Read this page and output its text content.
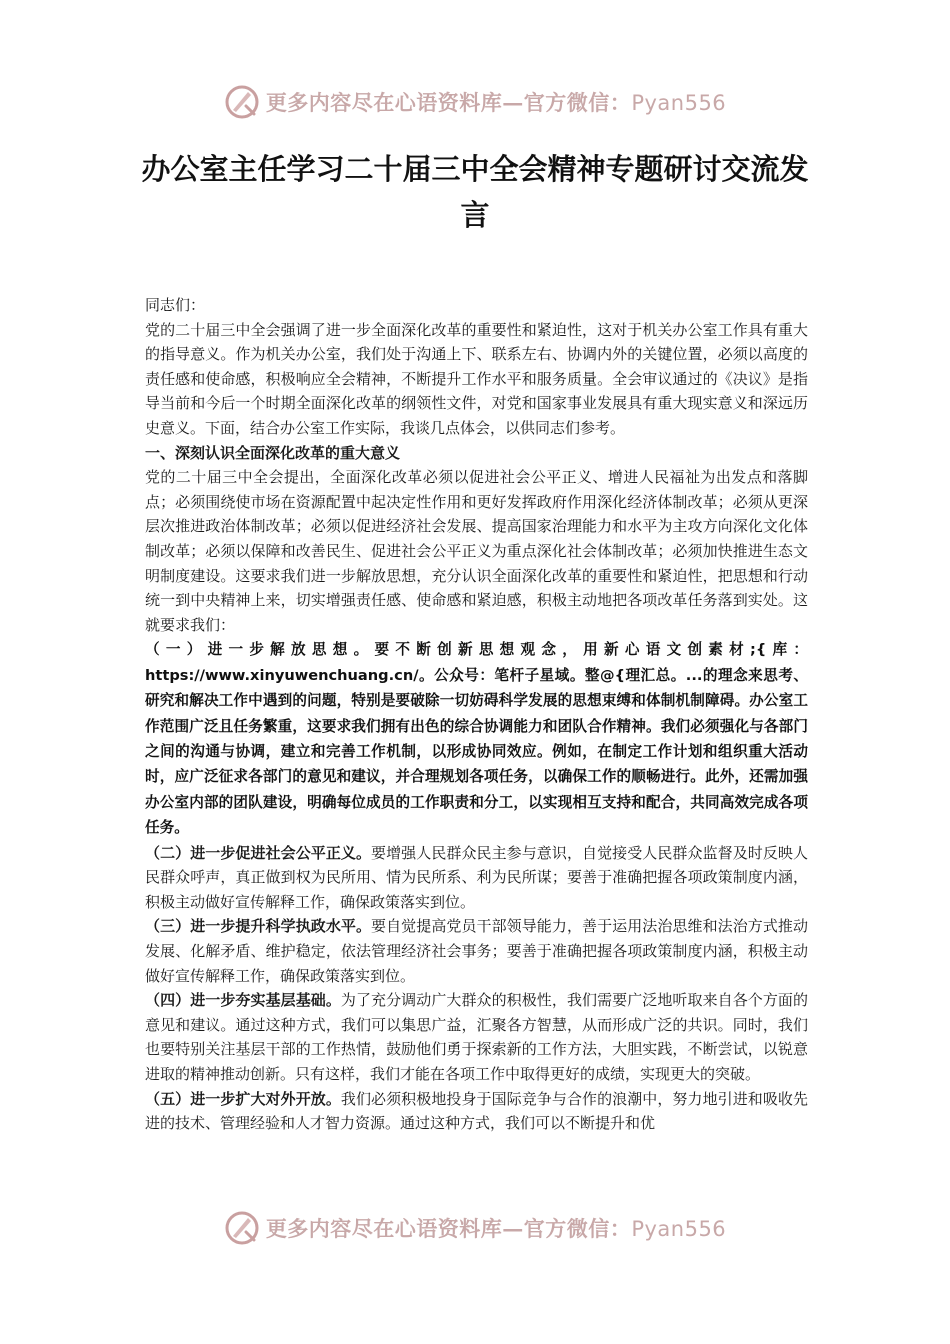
更多内容尽在心语资料库—官方微信：Pyan556
办公室主任学习二十届三中全会精神专题研讨交流发言

同志们：

党的二十届三中全会强调了进一步全面深化改革的重要性和紧迫性，这对于机关办公室工作具有重大的指导意义。作为机关办公室，我们处于沟通上下、联系左右、协调内外的关键位置，必须以高度的责任感和使命感，积极响应全会精神，不断提升工作水平和服务质量。全会审议通过的《决议》是指导当前和今后一个时期全面深化改革的纲领性文件，对党和国家事业发展具有重大现实意义和深远历史意义。下面，结合办公室工作实际，我谈几点体会，以供同志们参考。

一、深刻认识全面深化改革的重大意义

党的二十届三中全会提出，全面深化改革必须以促进社会公平正义、增进人民福祉为出发点和落脚点；必须围绕使市场在资源配置中起决定性作用和更好发挥政府作用深化经济体制改革；必须从更深层次推进政治体制改革；必须以促进经济社会发展、提高国家治理能力和水平为主攻方向深化文化体制改革；必须以保障和改善民生、促进社会公平正义为重点深化社会体制改革；必须加快推进生态文明制度建设。这要求我们进一步解放思想，充分认识全面深化改革的重要性和紧迫性，把思想和行动统一到中央精神上来，切实增强责任感、使命感和紧迫感，积极主动地把各项改革任务落到实处。这就要求我们：

（一）进一步解放思想。要不断创新思想观念，用新心语文创素材;{库：https://www.xinyuwenchuang.cn/。公众号：笔杆子星域。整@{理汇总。...的理念来思考、研究和解决工作中遇到的问题，特别是要破除一切妨碍科学发展的思想束缚和体制机制障碍。办公室工作范围广泛且任务繁重，这要求我们拥有出色的综合协调能力和团队合作精神。我们必须强化与各部门之间的沟通与协调，建立和完善工作机制，以形成协同效应。例如，在制定工作计划和组织重大活动时，应广泛征求各部门的意见和建议，并合理规划各项任务，以确保工作的顺畅进行。此外，还需加强办公室内部的团队建设，明确每位成员的工作职责和分工，以实现相互支持和配合，共同高效完成各项任务。

（二）进一步促进社会公平正义。要增强人民群众民主参与意识，自觉接受人民群众监督及时反映人民群众呼声，真正做到权为民所用、情为民所系、利为民所谋；要善于准确把握各项政策制度内涵，积极主动做好宣传解释工作，确保政策落实到位。

（三）进一步提升科学执政水平。要自觉提高党员干部领导能力，善于运用法治思维和法治方式推动发展、化解矛盾、维护稳定，依法管理经济社会事务；要善于准确把握各项政策制度内涵，积极主动做好宣传解释工作，确保政策落实到位。

（四）进一步夯实基层基础。为了充分调动广大群众的积极性，我们需要广泛地听取来自各个方面的意见和建议。通过这种方式，我们可以集思广益，汇聚各方智慧，从而形成广泛的共识。同时，我们也要特别关注基层干部的工作热情，鼓励他们勇于探索新的工作方法，大胆实践，不断尝试，以锐意进取的精神推动创新。只有这样，我们才能在各项工作中取得更好的成绩，实现更大的突破。

（五）进一步扩大对外开放。我们必须积极地投身于国际竞争与合作的浪潮中，努力地引进和吸收先进的技术、管理经验和人才智力资源。通过这种方式，我们可以不断提升和优

更多内容尽在心语资料库—官方微信：Pyan556
